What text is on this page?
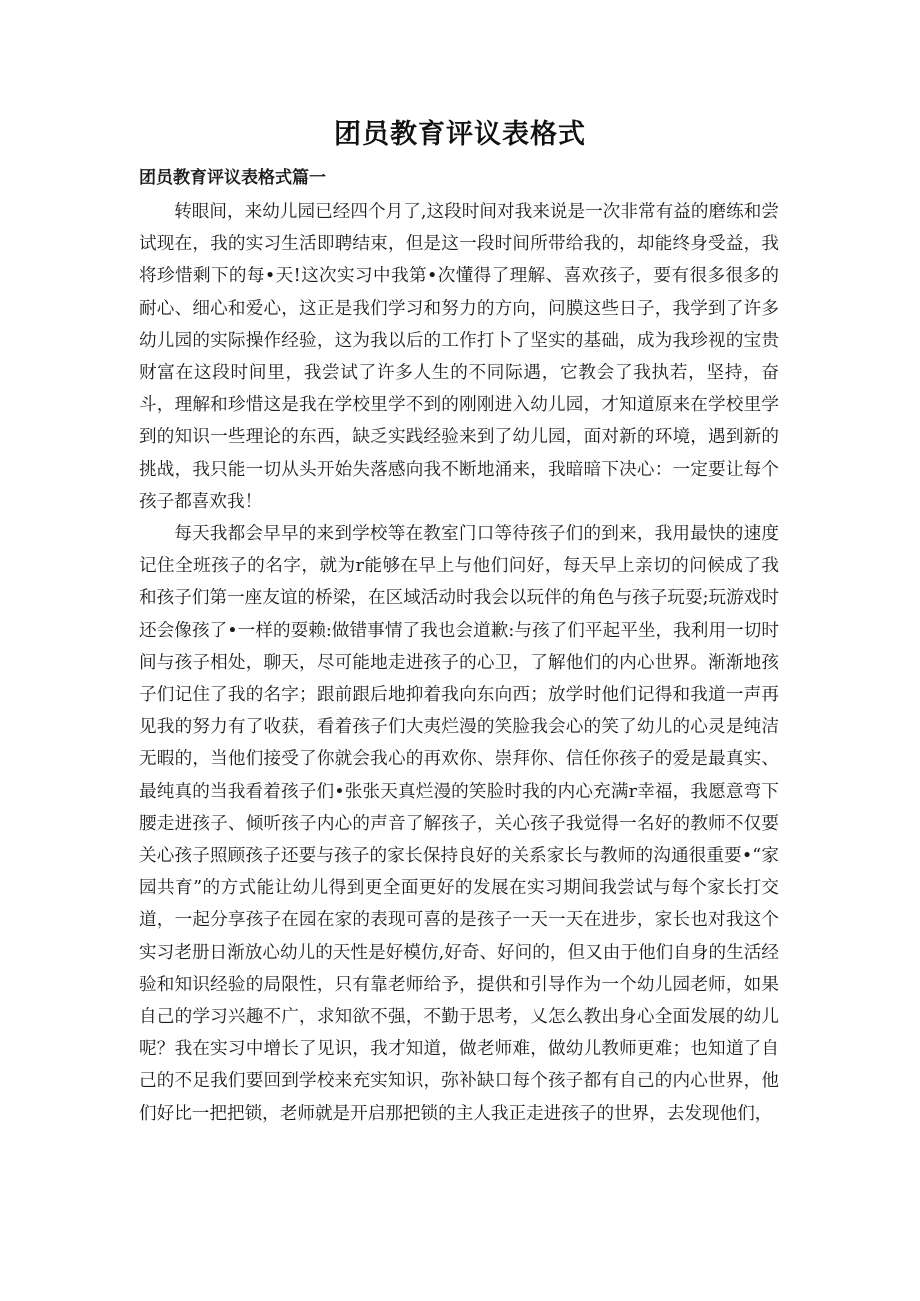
团员教育评议表格式
团员教育评议表格式篇一

转眼间，来幼儿园已经四个月了,这段时间对我来说是一次非常有益的磨练和尝试现在，我的实习生活即聘结束，但是这一段时间所带给我的，却能终身受益，我将珍惜剩下的每•天!这次实习中我第•次懂得了理解、喜欢孩子，要有很多很多的耐心、细心和爱心，这正是我们学习和努力的方向，问膜这些日子，我学到了许多幼儿园的实际操作经验，这为我以后的工作打卜了坚实的基础，成为我珍视的宝贵财富在这段时间里，我尝试了许多人生的不同际遇，它教会了我执若，坚持，奋斗，理解和珍惜这是我在学校里学不到的刚刚进入幼儿园，才知道原来在学校里学到的知识一些理论的东西，缺乏实践经验来到了幼儿园，面对新的环境，遇到新的挑战，我只能一切从头开始失落感向我不断地涌来，我暗暗下决心：一定要让每个孩子都喜欢我！

每天我都会早早的来到学校等在教室门口等待孩子们的到来，我用最快的速度记住全班孩子的名字，就为r能够在早上与他们问好，每天早上亲切的问候成了我和孩子们第一座友谊的桥梁，在区域活动时我会以玩伴的角色与孩子玩耍;玩游戏时还会像孩了•一样的耍赖:做错事情了我也会道歉:与孩了们平起平坐，我利用一切时间与孩子相处，聊天，尽可能地走进孩子的心卫，了解他们的内心世界。渐渐地孩子们记住了我的名字；跟前跟后地抑着我向东向西；放学时他们记得和我道一声再见我的努力有了收获，看着孩子们大夷烂漫的笑脸我会心的笑了幼儿的心灵是纯洁无暇的，当他们接受了你就会我心的再欢你、崇拜你、信任你孩子的爱是最真实、最纯真的当我看着孩子们•张张天真烂漫的笑脸时我的内心充满r幸福，我愿意弯下腰走进孩子、倾听孩子内心的声音了解孩子，关心孩子我觉得一名好的教师不仅要关心孩子照顾孩子还要与孩子的家长保持良好的关系家长与教师的沟通很重要•“家园共育”的方式能让幼儿得到更全面更好的发展在实习期间我尝试与每个家长打交道，一起分享孩子在园在家的表现可喜的是孩子一天一天在进步，家长也对我这个实习老册日渐放心幼儿的天性是好模仿,好奇、好问的，但又由于他们自身的生活经验和知识经验的局限性，只有靠老师给予，提供和引导作为一个幼儿园老师，如果自己的学习兴趣不广，求知欲不强，不勤于思考，乂怎么教出身心全面发展的幼儿呢？我在实习中增长了见识，我才知道，做老师难，做幼儿教师更难；也知道了自己的不足我们要回到学校来充实知识，弥补缺口每个孩子都有自己的内心世界，他们好比一把把锁，老师就是开启那把锁的主人我正走进孩子的世界，去发现他们，
